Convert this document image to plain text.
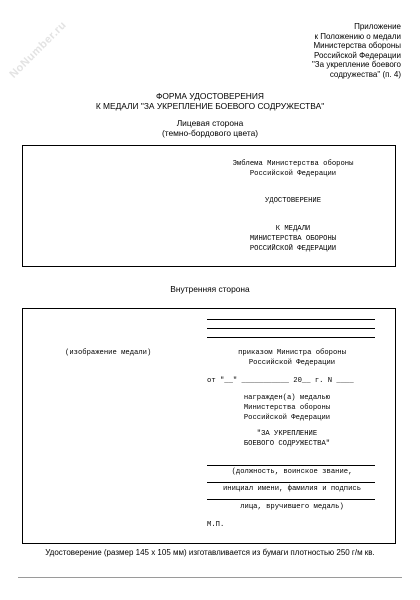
NoNumber.ru	Приложение
к Положению о медали
Министерства обороны
Российской Федерации
"За укрепление боевого
содружества" (п. 4)
ФОРМА УДОСТОВЕРЕНИЯ
К МЕДАЛИ "ЗА УКРЕПЛЕНИЕ БОЕВОГО СОДРУЖЕСТВА"
Лицевая сторона
(темно-бордового цвета)
Эмблема Министерства обороны
Российской Федерации
УДОСТОВЕРЕНИЕ
К МЕДАЛИ
МИНИСТЕРСТВА ОБОРОНЫ
РОССИЙСКОЙ ФЕДЕРАЦИИ
Внутренняя сторона
(изображение медали)	приказом Министра обороны
Российской Федерации
от "__" ___________ 20__ г. N ____
награжден(а) медалью
Министерства обороны
Российской Федерации
"ЗА УКРЕПЛЕНИЕ
БОЕВОГО СОДРУЖЕСТВА"
(должность, воинское звание,
инициал имени, фамилия и подпись
лица, вручившего медаль)
М.П.
Удостоверение (размер 145 x 105 мм) изготавливается из бумаги плотностью 250 г/м кв.
